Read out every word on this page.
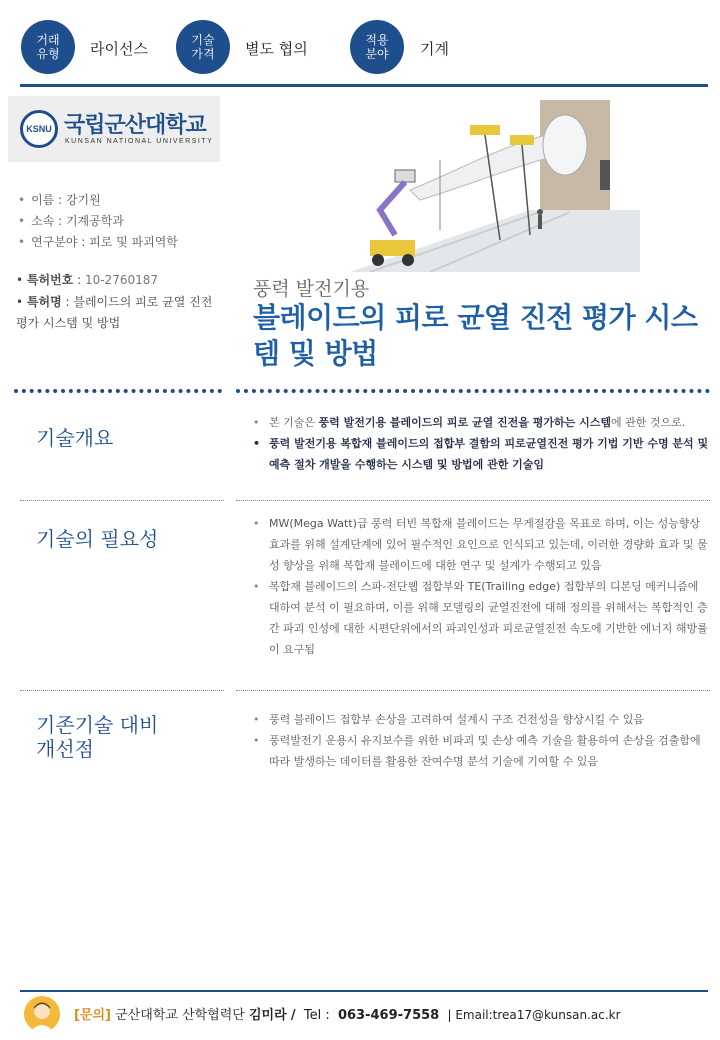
거래
유형	라이선스	기술
가격	별도 협의	적용
분야	기계
KSNU 국립군산대학교
KUNSAN NATIONAL UNIVERSITY
• 이름 : 강기원
• 소속 : 기계공학과
• 연구분야 : 피로 및 파괴역학
• 특허번호 : 10-2760187
• 특허명 : 블레이드의 피로 균열 진전 평가 시스템 및 방법
풍력 발전기용
블레이드의 피로 균열 진전 평가 시스템 및 방법
기술개요
• 본 기술은 풍력 발전기용 블레이드의 피로 균열 진전을 평가하는 시스템에 관한 것으로.
• 풍력 발전기용 복합재 블레이드의 접합부 결함의 피로균열진전 평가 기법 기반 수명 분석 및 예측 절차 개발을 수행하는 시스템 및 방법에 관한 기술임
기술의 필요성
• MW(Mega Watt)급 풍력 터빈 복합재 블레이드는 무게절감을 목표로 하며, 이는 성능향상 효과를 위해 설계단계에 있어 필수적인 요인으로 인식되고 있는데, 이러한 경량화 효과 및 물성 향상을 위해 복합재 블레이드에 대한 연구 및 설계가 수행되고 있음
• 복합재 블레이드의 스파-전단웹 접합부와 TE(Trailing edge) 접합부의 디본딩 메커니즘에 대하여 분석 이 필요하며, 이를 위해 모델링의 균열진전에 대해 정의를 위해서는 복합적인 층간 파괴 인성에 대한 시편단위에서의 파괴인성과 피로균열진전 속도에 기반한 에너지 해방률이 요구됨
기존기술 대비
개선점
• 풍력 블레이드 접합부 손상을 고려하여 설계시 구조 건전성을 향상시킬 수 있음
• 풍력발전기 운용시 유지보수를 위한 비파괴 및 손상 예측 기술을 활용하여 손상을 검출함에 따라 발생하는 데이터를 활용한 잔여수명 분석 기술에 기여할 수 있음
[문의] 군산대학교 산학협력단 김미라 / Tel : 063-469-7558 | Email:trea17@kunsan.ac.kr
